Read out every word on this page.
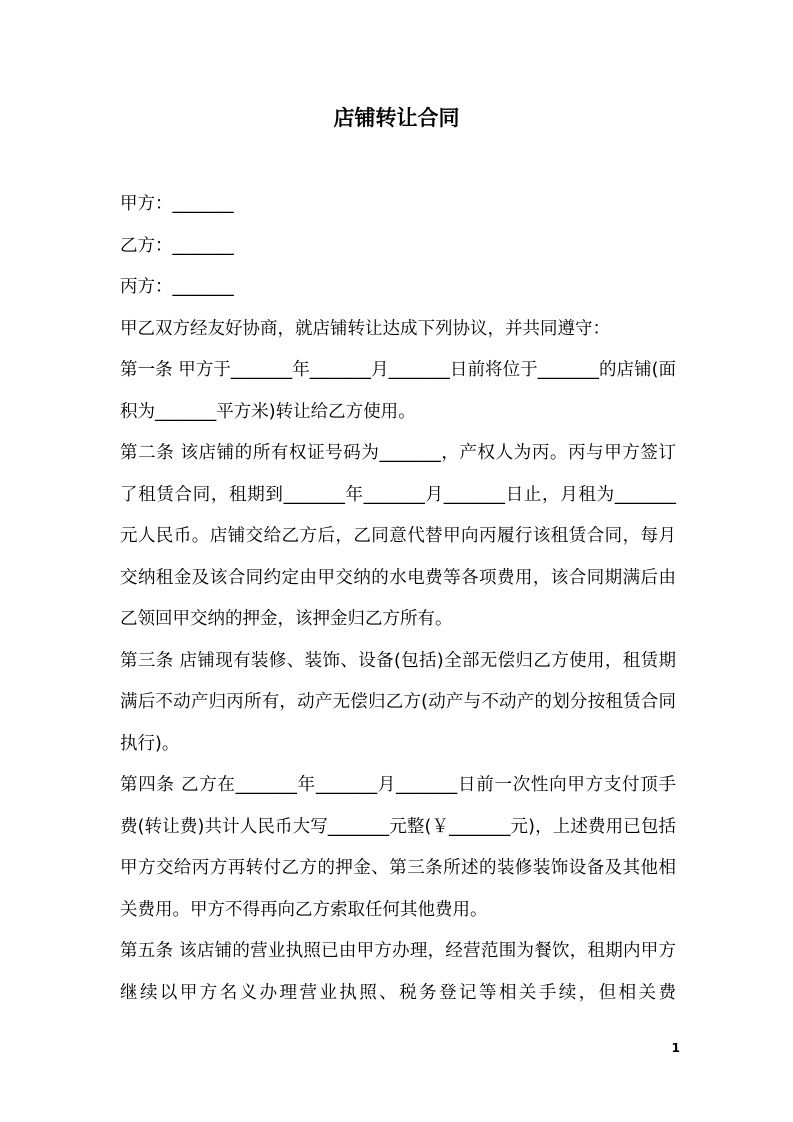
店铺转让合同

甲方：_______

乙方：_______

丙方：_______

甲乙双方经友好协商，就店铺转让达成下列协议，并共同遵守：

第一条 甲方于_______年_______月_______日前将位于_______的店铺(面积为_______平方米)转让给乙方使用。

第二条 该店铺的所有权证号码为_______，产权人为丙。丙与甲方签订了租赁合同，租期到_______年_______月_______日止，月租为_______元人民币。店铺交给乙方后，乙同意代替甲向丙履行该租赁合同，每月交纳租金及该合同约定由甲交纳的水电费等各项费用，该合同期满后由乙领回甲交纳的押金，该押金归乙方所有。

第三条 店铺现有装修、装饰、设备(包括)全部无偿归乙方使用，租赁期满后不动产归丙所有，动产无偿归乙方(动产与不动产的划分按租赁合同执行)。

第四条 乙方在_______年_______月_______日前一次性向甲方支付顶手费(转让费)共计人民币大写_______元整(￥_______元)，上述费用已包括甲方交给丙方再转付乙方的押金、第三条所述的装修装饰设备及其他相关费用。甲方不得再向乙方索取任何其他费用。

第五条 该店铺的营业执照已由甲方办理，经营范围为餐饮，租期内甲方继续以甲方名义办理营业执照、税务登记等相关手续，但相关费

1
